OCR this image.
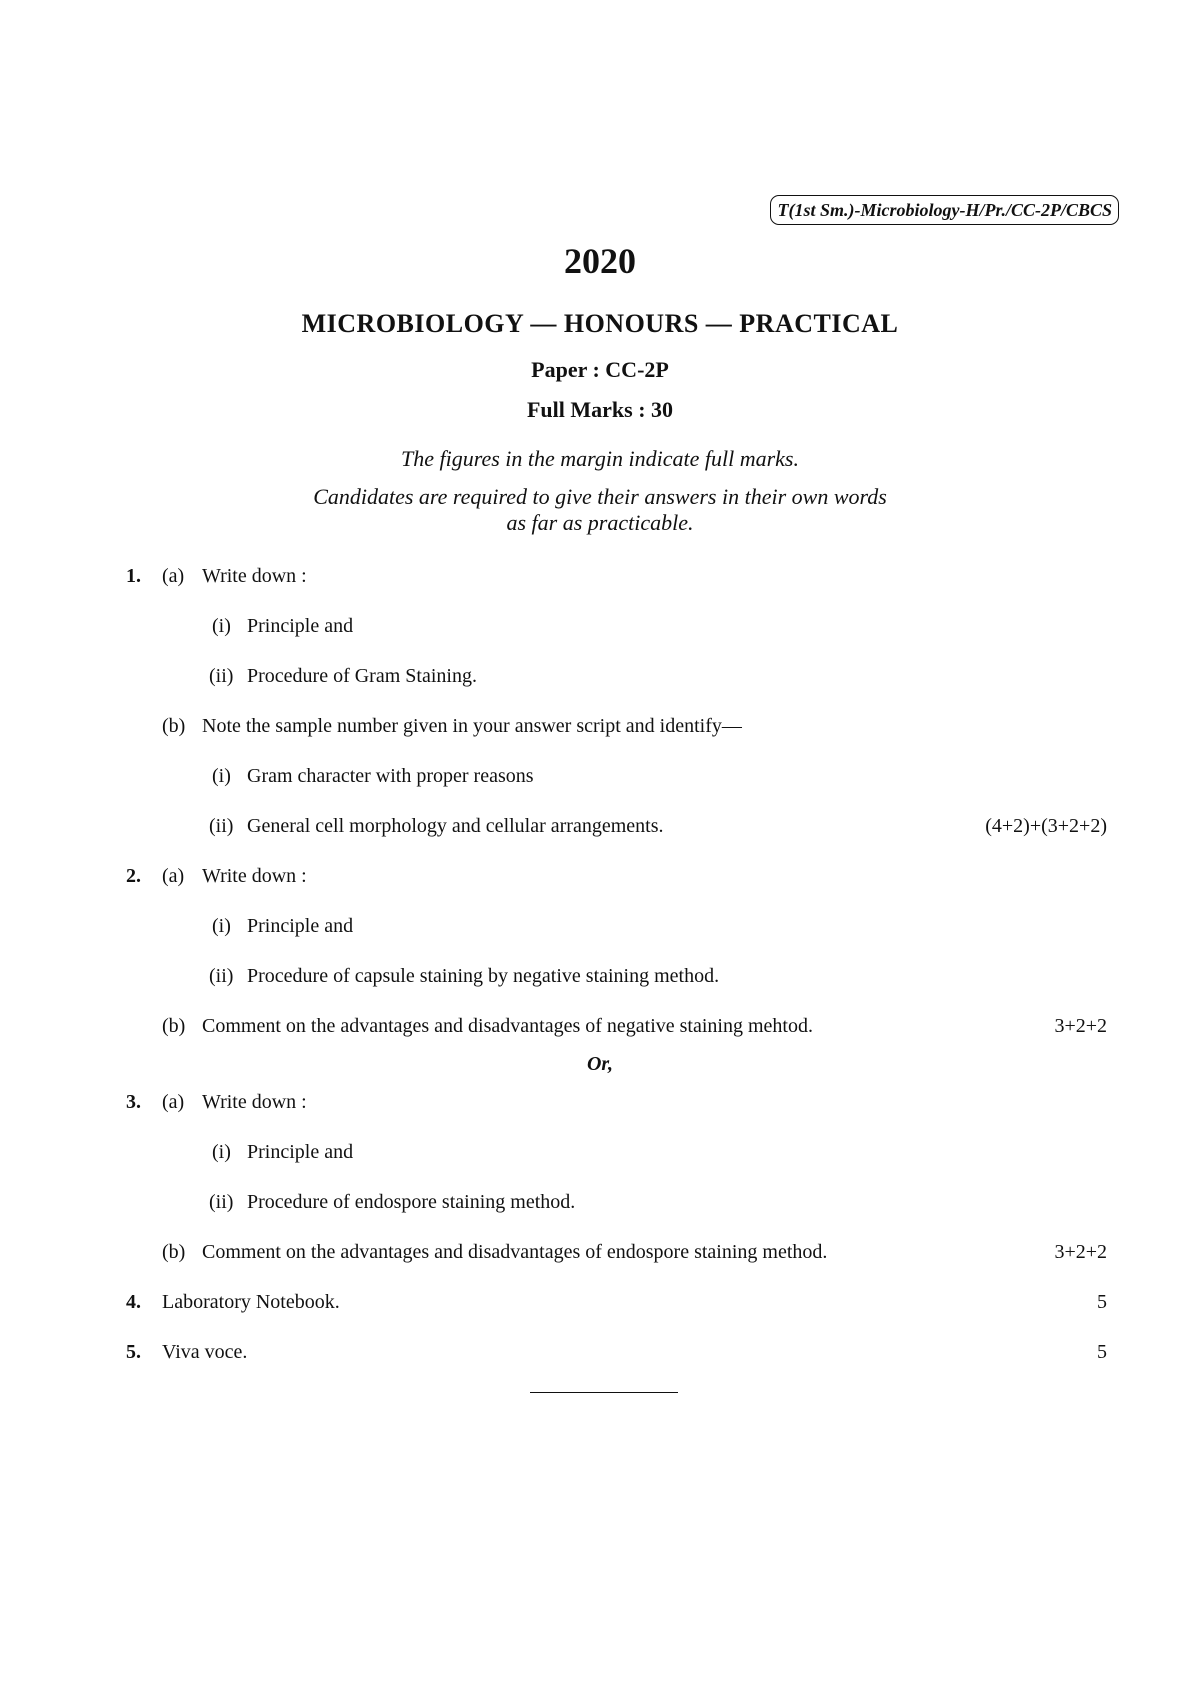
T(1st Sm.)-Microbiology-H/Pr./CC-2P/CBCS
2020
MICROBIOLOGY — HONOURS — PRACTICAL
Paper : CC-2P
Full Marks : 30
The figures in the margin indicate full marks.
Candidates are required to give their answers in their own words
as far as practicable.
1. (a) Write down :
(i) Principle and
(ii) Procedure of Gram Staining.
(b) Note the sample number given in your answer script and identify—
(i) Gram character with proper reasons
(ii) General cell morphology and cellular arrangements.	(4+2)+(3+2+2)
2. (a) Write down :
(i) Principle and
(ii) Procedure of capsule staining by negative staining method.
(b) Comment on the advantages and disadvantages of negative staining mehtod.	3+2+2
Or,
3. (a) Write down :
(i) Principle and
(ii) Procedure of endospore staining method.
(b) Comment on the advantages and disadvantages of endospore staining method.	3+2+2
4. Laboratory Notebook.	5
5. Viva voce.	5
